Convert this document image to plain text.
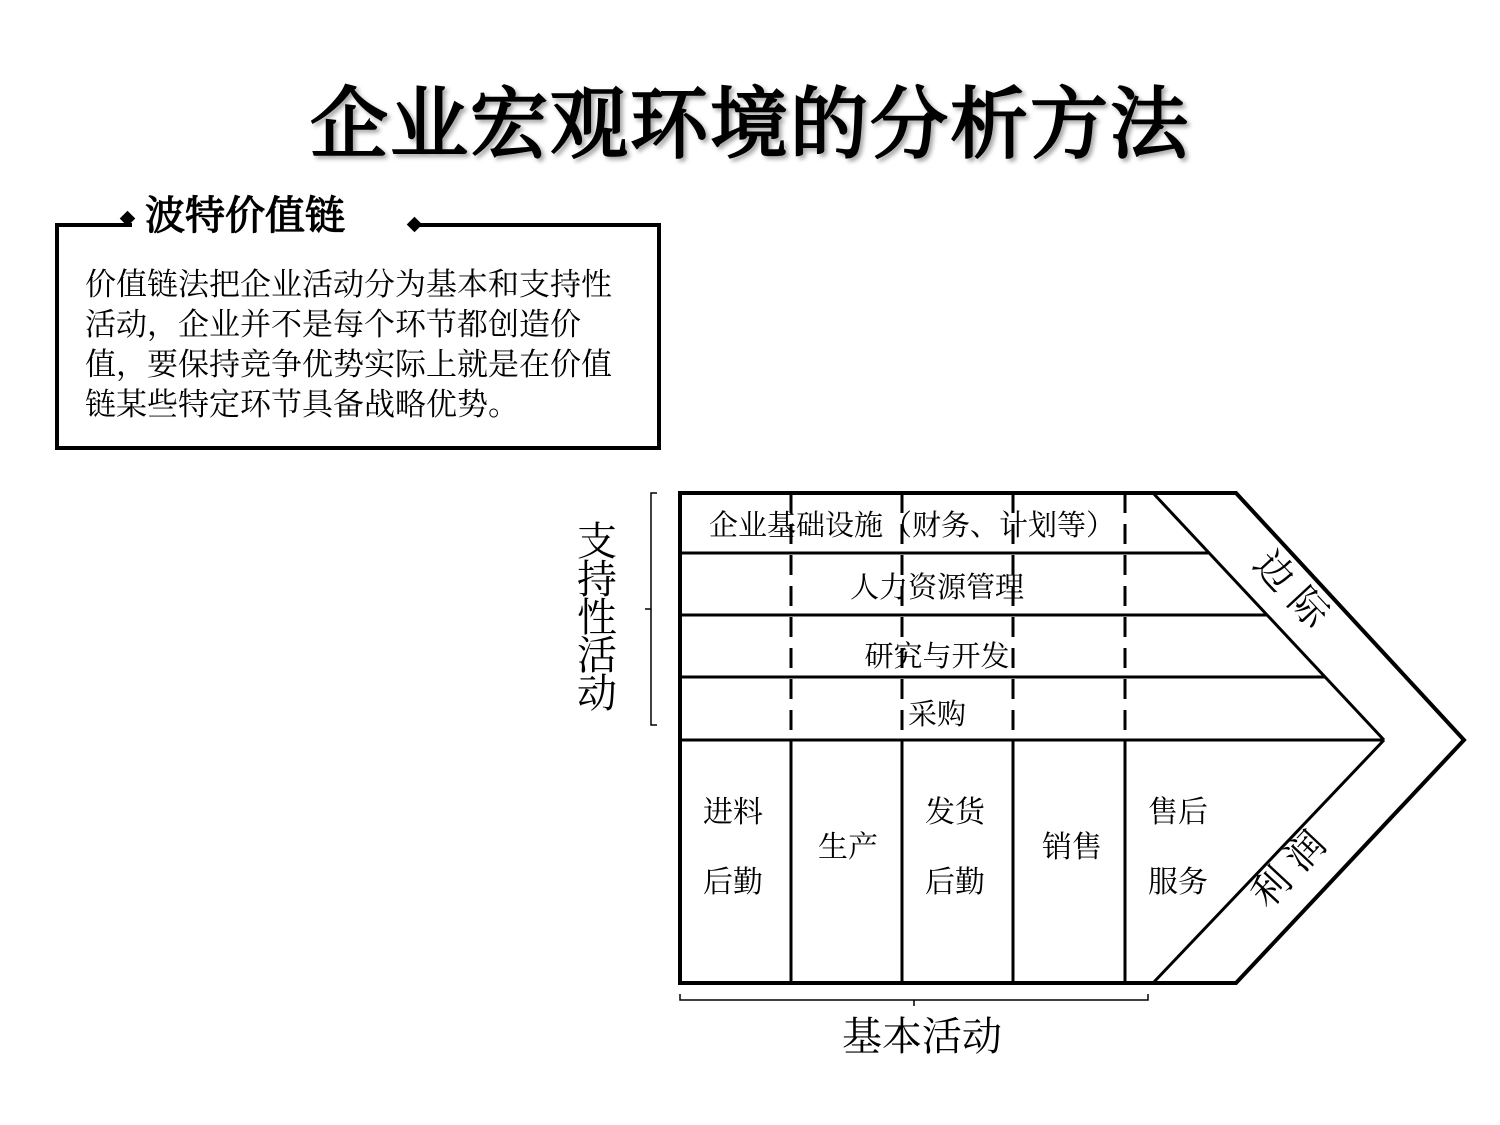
企业宏观环境的分析方法
波特价值链

价值链法把企业活动分为基本和支持性活动，企业并不是每个环节都创造价值，要保持竞争优势实际上就是在价值链某些特定环节具备战略优势。

企业基础设施（财务、计划等）
人力资源管理
研究与开发
采购
进料
后勤
生产
发货
后勤
销售
售后
服务
支持性活动
基本活动
边 际
利 润
